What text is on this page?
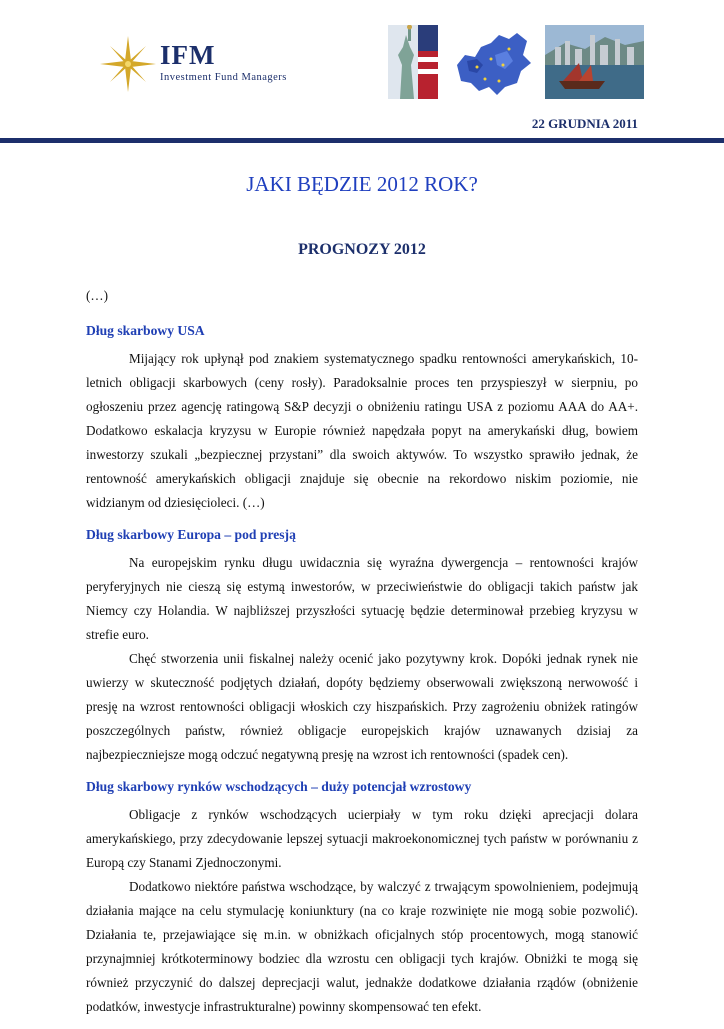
IFM
Investment Fund Managers
22 GRUDNIA 2011
JAKI BĘDZIE 2012 ROK?
PROGNOZY 2012
(…)
Dług skarbowy USA

Mijający rok upłynął pod znakiem systematycznego spadku rentowności amerykańskich, 10-letnich obligacji skarbowych (ceny rosły). Paradoksalnie proces ten przyspieszył w sierpniu, po ogłoszeniu przez agencję ratingową S&P decyzji o obniżeniu ratingu USA z poziomu AAA do AA+. Dodatkowo eskalacja kryzysu w Europie również napędzała popyt na amerykański dług, bowiem inwestorzy szukali „bezpiecznej przystani” dla swoich aktywów. To wszystko sprawiło jednak, że rentowność amerykańskich obligacji znajduje się obecnie na rekordowo niskim poziomie, nie widzianym od dziesięcioleci. (…)

Dług skarbowy Europa – pod presją

Na europejskim rynku długu uwidacznia się wyraźna dywergencja – rentowności krajów peryferyjnych nie cieszą się estymą inwestorów, w przeciwieństwie do obligacji takich państw jak Niemcy czy Holandia. W najbliższej przyszłości sytuację będzie determinował przebieg kryzysu w strefie euro.

Chęć stworzenia unii fiskalnej należy ocenić jako pozytywny krok. Dopóki jednak rynek nie uwierzy w skuteczność podjętych działań, dopóty będziemy obserwowali zwiększoną nerwowość i presję na wzrost rentowności obligacji włoskich czy hiszpańskich. Przy zagrożeniu obniżek ratingów poszczególnych państw, również obligacje europejskich krajów uznawanych dzisiaj za najbezpieczniejsze mogą odczuć negatywną presję na wzrost ich rentowności (spadek cen).

Dług skarbowy rynków wschodzących – duży potencjał wzrostowy

Obligacje z rynków wschodzących ucierpiały w tym roku dzięki aprecjacji dolara amerykańskiego, przy zdecydowanie lepszej sytuacji makroekonomicznej tych państw w porównaniu z Europą czy Stanami Zjednoczonymi.

Dodatkowo niektóre państwa wschodzące, by walczyć z trwającym spowolnieniem, podejmują działania mające na celu stymulację koniunktury (na co kraje rozwinięte nie mogą sobie pozwolić). Działania te, przejawiające się m.in. w obniżkach oficjalnych stóp procentowych, mogą stanowić przynajmniej krótkoterminowy bodziec dla wzrostu cen obligacji tych krajów. Obniżki te mogą się również przyczynić do dalszej deprecjacji walut, jednakże dodatkowe działania rządów (obniżenie podatków, inwestycje infrastrukturalne) powinny skompensować ten efekt.
